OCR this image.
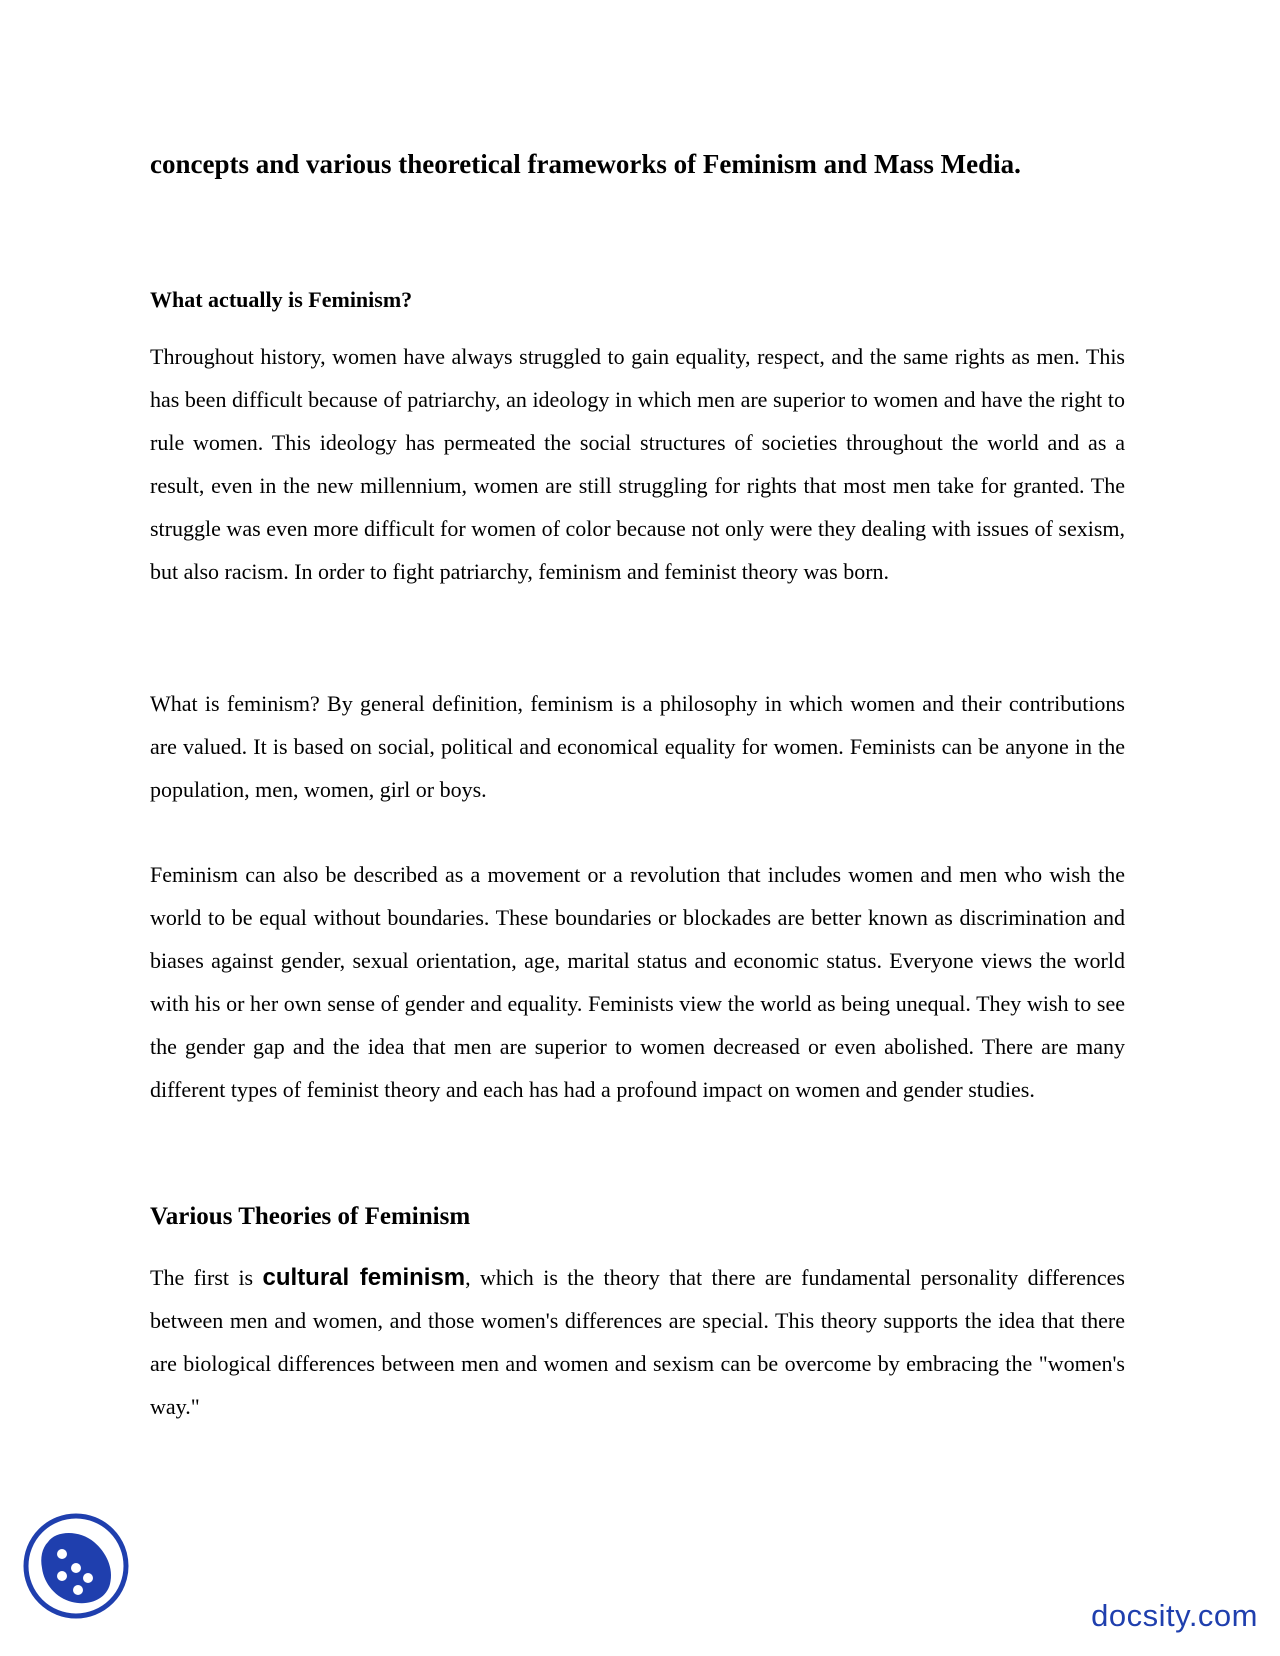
concepts and various theoretical frameworks of Feminism and Mass Media.
What actually is Feminism?

Throughout history, women have always struggled to gain equality, respect, and the same rights as men. This has been difficult because of patriarchy, an ideology in which men are superior to women and have the right to rule women. This ideology has permeated the social structures of societies throughout the world and as a result, even in the new millennium, women are still struggling for rights that most men take for granted. The struggle was even more difficult for women of color because not only were they dealing with issues of sexism, but also racism. In order to fight patriarchy, feminism and feminist theory was born.

What is feminism? By general definition, feminism is a philosophy in which women and their contributions are valued. It is based on social, political and economical equality for women. Feminists can be anyone in the population, men, women, girl or boys.

Feminism can also be described as a movement or a revolution that includes women and men who wish the world to be equal without boundaries. These boundaries or blockades are better known as discrimination and biases against gender, sexual orientation, age, marital status and economic status. Everyone views the world with his or her own sense of gender and equality. Feminists view the world as being unequal. They wish to see the gender gap and the idea that men are superior to women decreased or even abolished. There are many different types of feminist theory and each has had a profound impact on women and gender studies.

Various Theories of Feminism

The first is cultural feminism, which is the theory that there are fundamental personality differences between men and women, and those women's differences are special. This theory supports the idea that there are biological differences between men and women and sexism can be overcome by embracing the "women's way."

docsity.com
